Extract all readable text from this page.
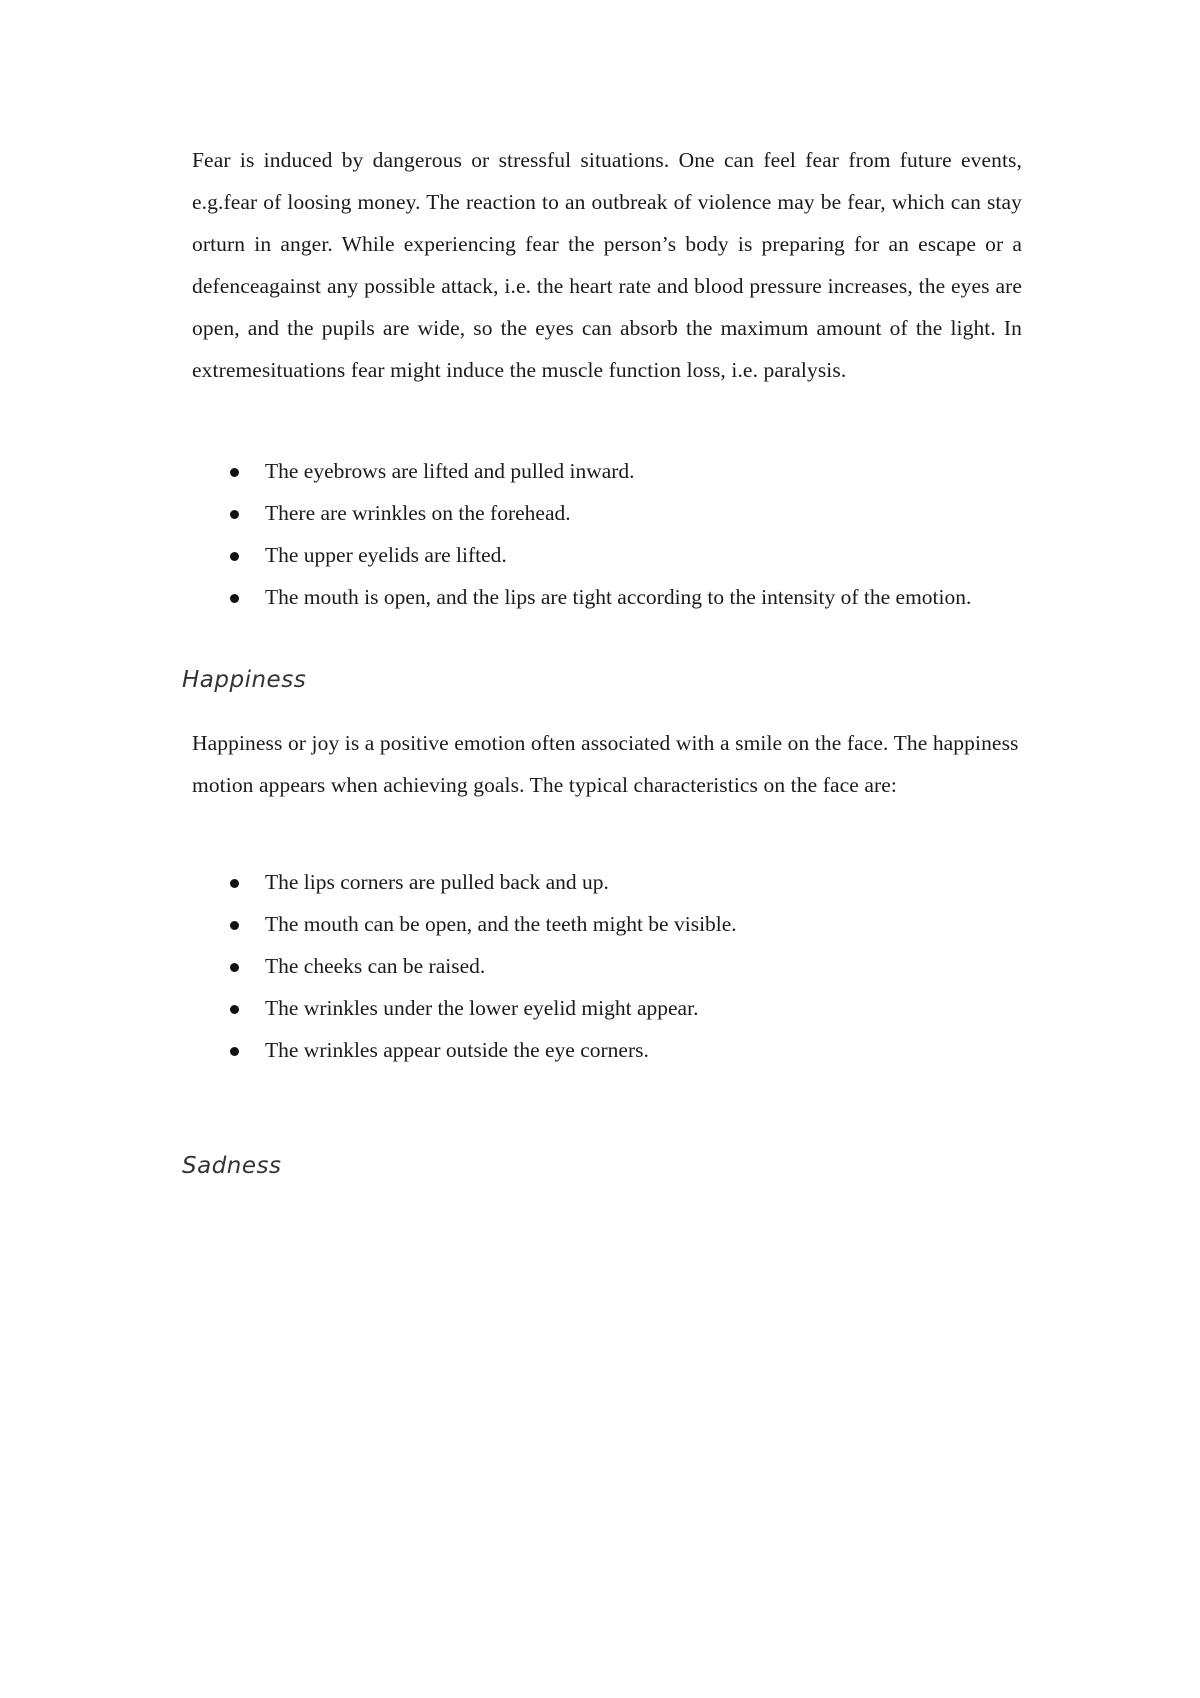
Fear is induced by dangerous or stressful situations. One can feel fear from future events, e.g.fear of loosing money. The reaction to an outbreak of violence may be fear, which can stay orturn in anger. While experiencing fear the person’s body is preparing for an escape or a defenceagainst any possible attack, i.e. the heart rate and blood pressure increases, the eyes are open, and the pupils are wide, so the eyes can absorb the maximum amount of the light. In extremesituations fear might induce the muscle function loss, i.e. paralysis.

The eyebrows are lifted and pulled inward.
There are wrinkles on the forehead.
The upper eyelids are lifted.
The mouth is open, and the lips are tight according to the intensity of the emotion.
Happiness

Happiness or joy is a positive emotion often associated with a smile on the face. The happiness motion appears when achieving goals. The typical characteristics on the face are:

The lips corners are pulled back and up.
The mouth can be open, and the teeth might be visible.
The cheeks can be raised.
The wrinkles under the lower eyelid might appear.
The wrinkles appear outside the eye corners.
Sadness
